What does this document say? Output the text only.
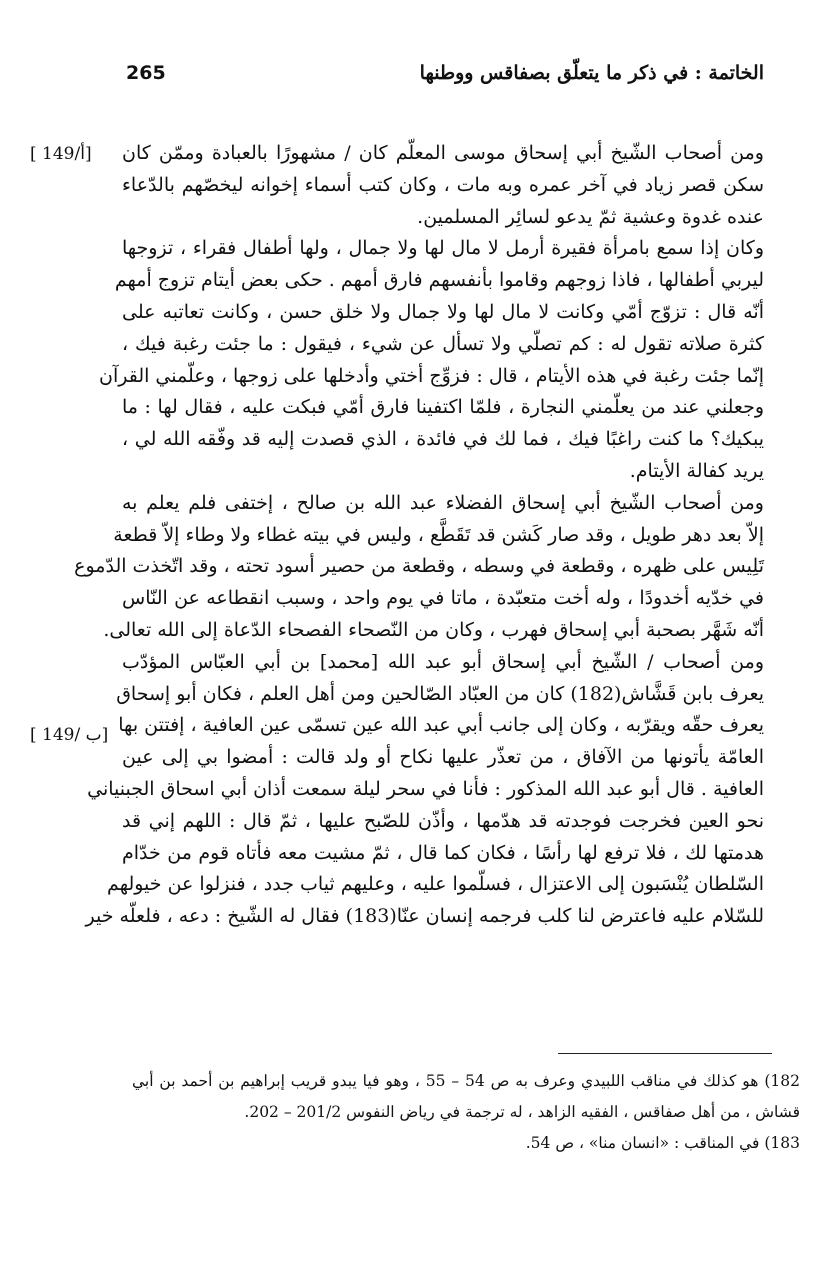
الخاتمة : في ذكر ما يتعلّق بصفاقس ووطنها
265
[ 149/أ]
[ 149/ ب]
ومن أصحاب الشّيخ أبي إسحاق موسى المعلّم كان / مشهورًا بالعبادة وممّن كان
سكن قصر زياد في آخر عمره وبه مات ، وكان كتب أسماء إخوانه ليخصّهم بالدّعاء
عنده غدوة وعشية ثمّ يدعو لسائِر المسلمين.
وكان إذا سمع بامرأة فقيرة أرمل لا مال لها ولا جمال ، ولها أطفال فقراء ، تزوجها
ليربي أطفالها ، فاذا زوجهم وقاموا بأنفسهم فارق أمهم . حكى بعض أيتام تزوج أمهم
أنّه قال : تزوّج أمّي وكانت لا مال لها ولا جمال ولا خلق حسن ، وكانت تعاتبه على
كثرة صلاته تقول له : كم تصلّي ولا تسأل عن شيء ، فيقول : ما جئت رغبة فيك ،
إنّما جئت رغبة في هذه الأيتام ، قال : فزوِّج أختي وأدخلها على زوجها ، وعلّمني القرآن
وجعلني عند من يعلّمني النجارة ، فلمّا اكتفينا فارق أمّي فبكت عليه ، فقال لها : ما
يبكيك؟ ما كنت راغبًا فيك ، فما لك في فائدة ، الذي قصدت إليه قد وفّقه الله لي ،
يريد كفالة الأيتام.
ومن أصحاب الشّيخ أبي إسحاق الفضلاء عبد الله بن صالح ، إختفى فلم يعلم به
إلاّ بعد دهر طويل ، وقد صار كَشن قد تَقَطَّع ، وليس في بيته غطاء ولا وطاء إلاّ قطعة
تَلِيس على ظهره ، وقطعة في وسطه ، وقطعة من حصير أسود تحته ، وقد اتّخذت الدّموع
في خدّيه أخدودًا ، وله أخت متعبّدة ، ماتا في يوم واحد ، وسبب انقطاعه عن النّاس
أنّه شَهَّر بصحبة أبي إسحاق فهرب ، وكان من النّصحاء الفصحاء الدّعاة إلى الله تعالى.
ومن أصحاب / الشّيخ أبي إسحاق أبو عبد الله [محمد] بن أبي العبّاس المؤدّب
يعرف بابن قَشَّاش(182) كان من العبّاد الصّالحين ومن أهل العلم ، فكان أبو إسحاق
يعرف حقّه ويقرّبه ، وكان إلى جانب أبي عبد الله عين تسمّى عين العافية ، إفتتن بها
العامّة يأتونها من الآفاق ، من تعذّر عليها نكاح أو ولد قالت : أمضوا بي إلى عين
العافية . قال أبو عبد الله المذكور : فأنا في سحر ليلة سمعت أذان أبي اسحاق الجبنياني
نحو العين فخرجت فوجدته قد هدّمها ، وأذّن للصّبح عليها ، ثمّ قال : اللهم إني قد
هدمتها لك ، فلا ترفع لها رأسًا ، فكان كما قال ، ثمّ مشيت معه فأتاه قوم من خدّام
السّلطان يُنْسَبون إلى الاعتزال ، فسلّموا عليه ، وعليهم ثياب جدد ، فنزلوا عن خيولهم
للسّلام عليه فاعترض لنا كلب فرجمه إنسان عنّا(183) فقال له الشّيخ : دعه ، فلعلّه خير
182) هو كذلك في مناقب اللبيدي وعرف به ص 54 – 55 ، وهو فيا يبدو قريب إبراهيم بن أحمد بن أبي
قشاش ، من أهل صفاقس ، الفقيه الزاهد ، له ترجمة في رياض النفوس 201/2 – 202.
183) في المناقب : «انسان منا» ، ص 54.
